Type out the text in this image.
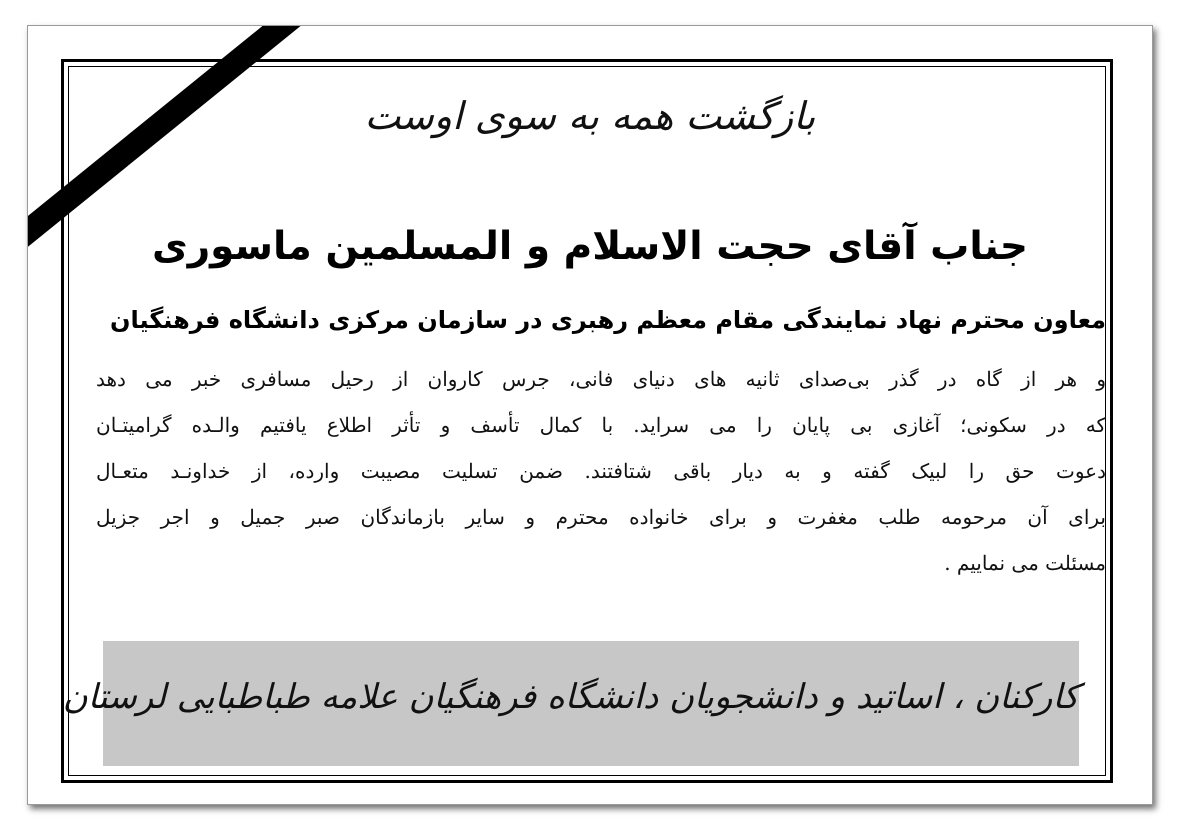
بازگشت همه به سوی اوست
جناب آقای حجت الاسلام و المسلمین ماسوری
معاون محترم نهاد نمایندگی مقام معظم رهبری در سازمان مرکزی دانشگاه فرهنگیان
و هر از گاه در گذر بی‌صدای ثانیه های دنیای فانی، جرس کاروان از رحیل مسافری خبر می دهد
که در سکونی؛ آغازی بی پایان را می سراید. با کمال تأسف و تأثر اطلاع یافتیم والـده گرامیتـان
دعوت حق را لبیک گفته و به دیار باقی شتافتند. ضمن تسلیت مصیبت وارده، از خداونـد متعـال
برای آن مرحومه طلب مغفرت و برای خانواده محترم و سایر بازماندگان صبر جمیل و اجر جزیل
مسئلت می نماییم .
کارکنان ، اساتید و دانشجویان دانشگاه فرهنگیان علامه طباطبایی لرستان
